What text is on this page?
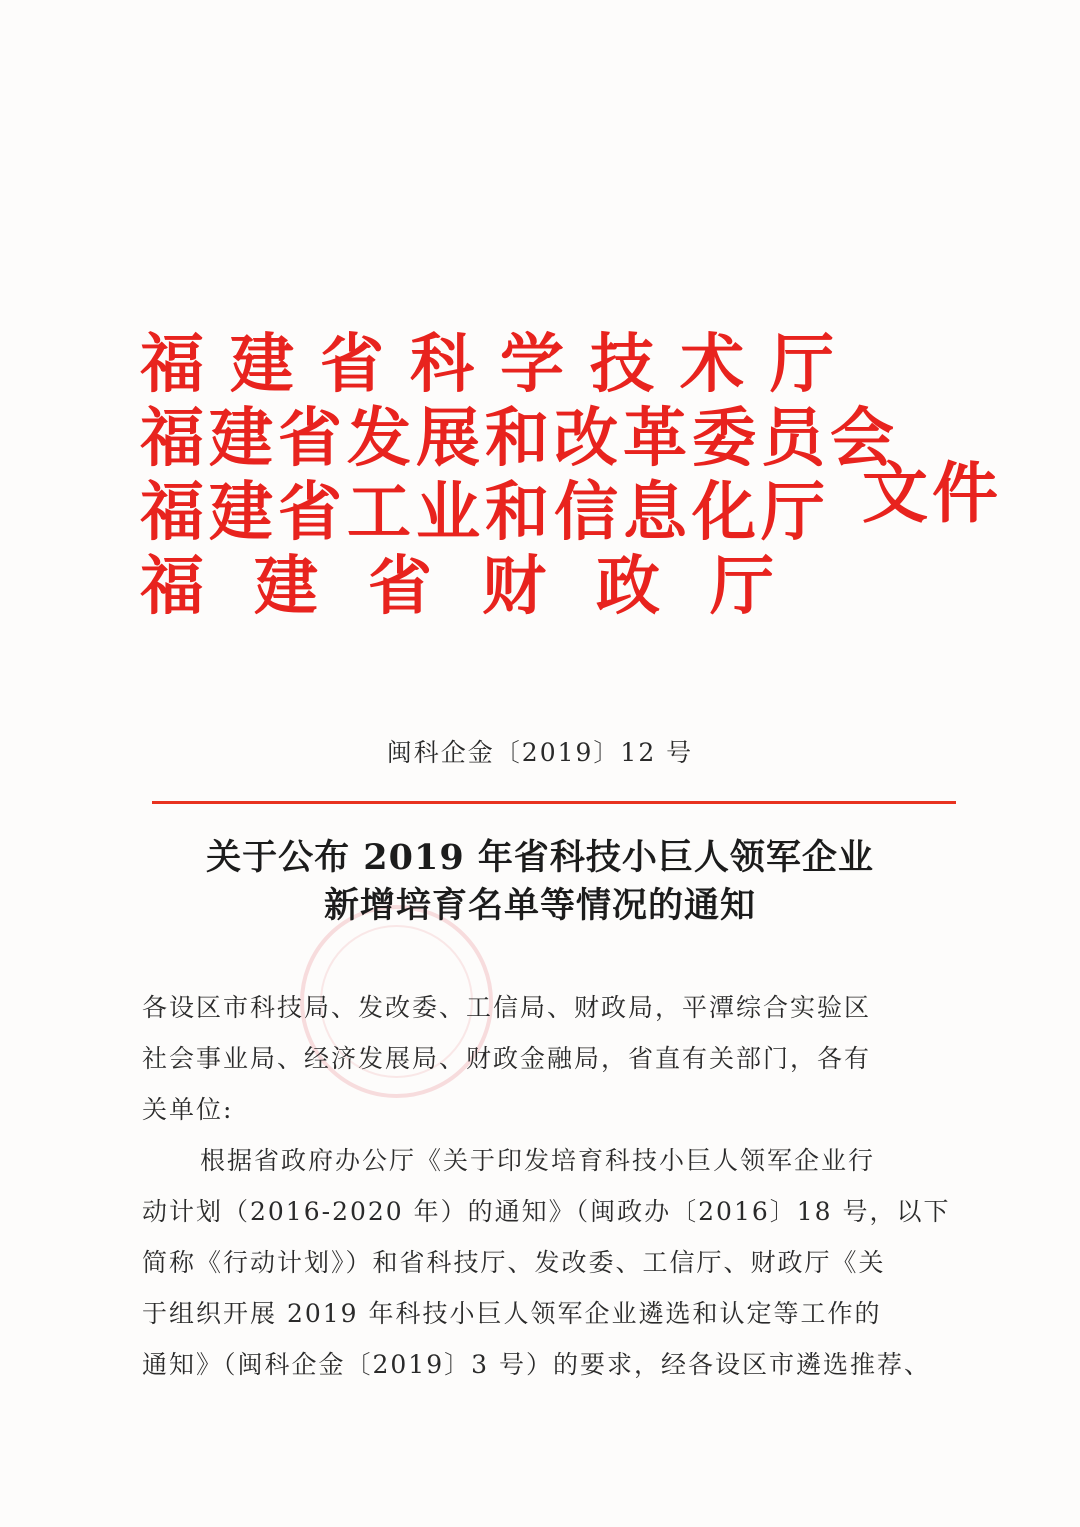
福建省科学技术厅
福建省发展和改革委员会
福建省工业和信息化厅
福建省财政厅
文件
闽科企金〔2019〕12 号
关于公布 2019 年省科技小巨人领军企业
新增培育名单等情况的通知

各设区市科技局、发改委、工信局、财政局，平潭综合实验区
社会事业局、经济发展局、财政金融局，省直有关部门，各有
关单位:

根据省政府办公厅《关于印发培育科技小巨人领军企业行
动计划（2016-2020 年）的通知》（闽政办〔2016〕18 号，以下
简称《行动计划》）和省科技厅、发改委、工信厅、财政厅《关
于组织开展 2019 年科技小巨人领军企业遴选和认定等工作的
通知》（闽科企金〔2019〕3 号）的要求，经各设区市遴选推荐、
